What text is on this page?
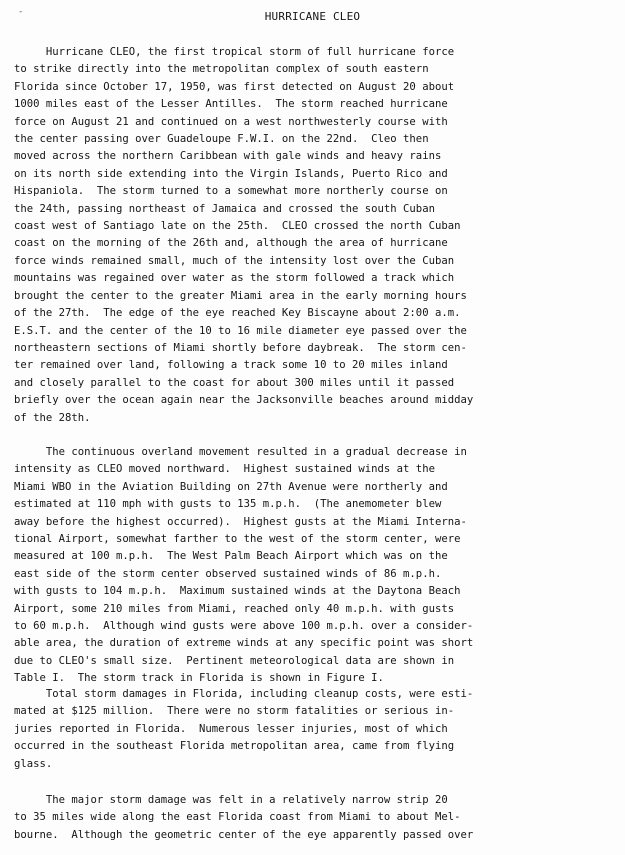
-	HURRICANE CLEO
Hurricane CLEO, the first tropical storm of full hurricane force
to strike directly into the metropolitan complex of south eastern
Florida since October 17, 1950, was first detected on August 20 about
1000 miles east of the Lesser Antilles.  The storm reached hurricane
force on August 21 and continued on a west northwesterly course with
the center passing over Guadeloupe F.W.I. on the 22nd.  Cleo then
moved across the northern Caribbean with gale winds and heavy rains
on its north side extending into the Virgin Islands, Puerto Rico and
Hispaniola.  The storm turned to a somewhat more northerly course on
the 24th, passing northeast of Jamaica and crossed the south Cuban
coast west of Santiago late on the 25th.  CLEO crossed the north Cuban
coast on the morning of the 26th and, although the area of hurricane
force winds remained small, much of the intensity lost over the Cuban
mountains was regained over water as the storm followed a track which
brought the center to the greater Miami area in the early morning hours
of the 27th.  The edge of the eye reached Key Biscayne about 2:00 a.m.
E.S.T. and the center of the 10 to 16 mile diameter eye passed over the
northeastern sections of Miami shortly before daybreak.  The storm cen-
ter remained over land, following a track some 10 to 20 miles inland
and closely parallel to the coast for about 300 miles until it passed
briefly over the ocean again near the Jacksonville beaches around midday
of the 28th.
The continuous overland movement resulted in a gradual decrease in
intensity as CLEO moved northward.  Highest sustained winds at the
Miami WBO in the Aviation Building on 27th Avenue were northerly and
estimated at 110 mph with gusts to 135 m.p.h.  (The anemometer blew
away before the highest occurred).  Highest gusts at the Miami Interna-
tional Airport, somewhat farther to the west of the storm center, were
measured at 100 m.p.h.  The West Palm Beach Airport which was on the
east side of the storm center observed sustained winds of 86 m.p.h.
with gusts to 104 m.p.h.  Maximum sustained winds at the Daytona Beach
Airport, some 210 miles from Miami, reached only 40 m.p.h. with gusts
to 60 m.p.h.  Although wind gusts were above 100 m.p.h. over a consider-
able area, the duration of extreme winds at any specific point was short
due to CLEO's small size.  Pertinent meteorological data are shown in
Table I.  The storm track in Florida is shown in Figure I.
Total storm damages in Florida, including cleanup costs, were esti-
mated at $125 million.  There were no storm fatalities or serious in-
juries reported in Florida.  Numerous lesser injuries, most of which
occurred in the southeast Florida metropolitan area, came from flying
glass.
The major storm damage was felt in a relatively narrow strip 20
to 35 miles wide along the east Florida coast from Miami to about Mel-
bourne.  Although the geometric center of the eye apparently passed over
